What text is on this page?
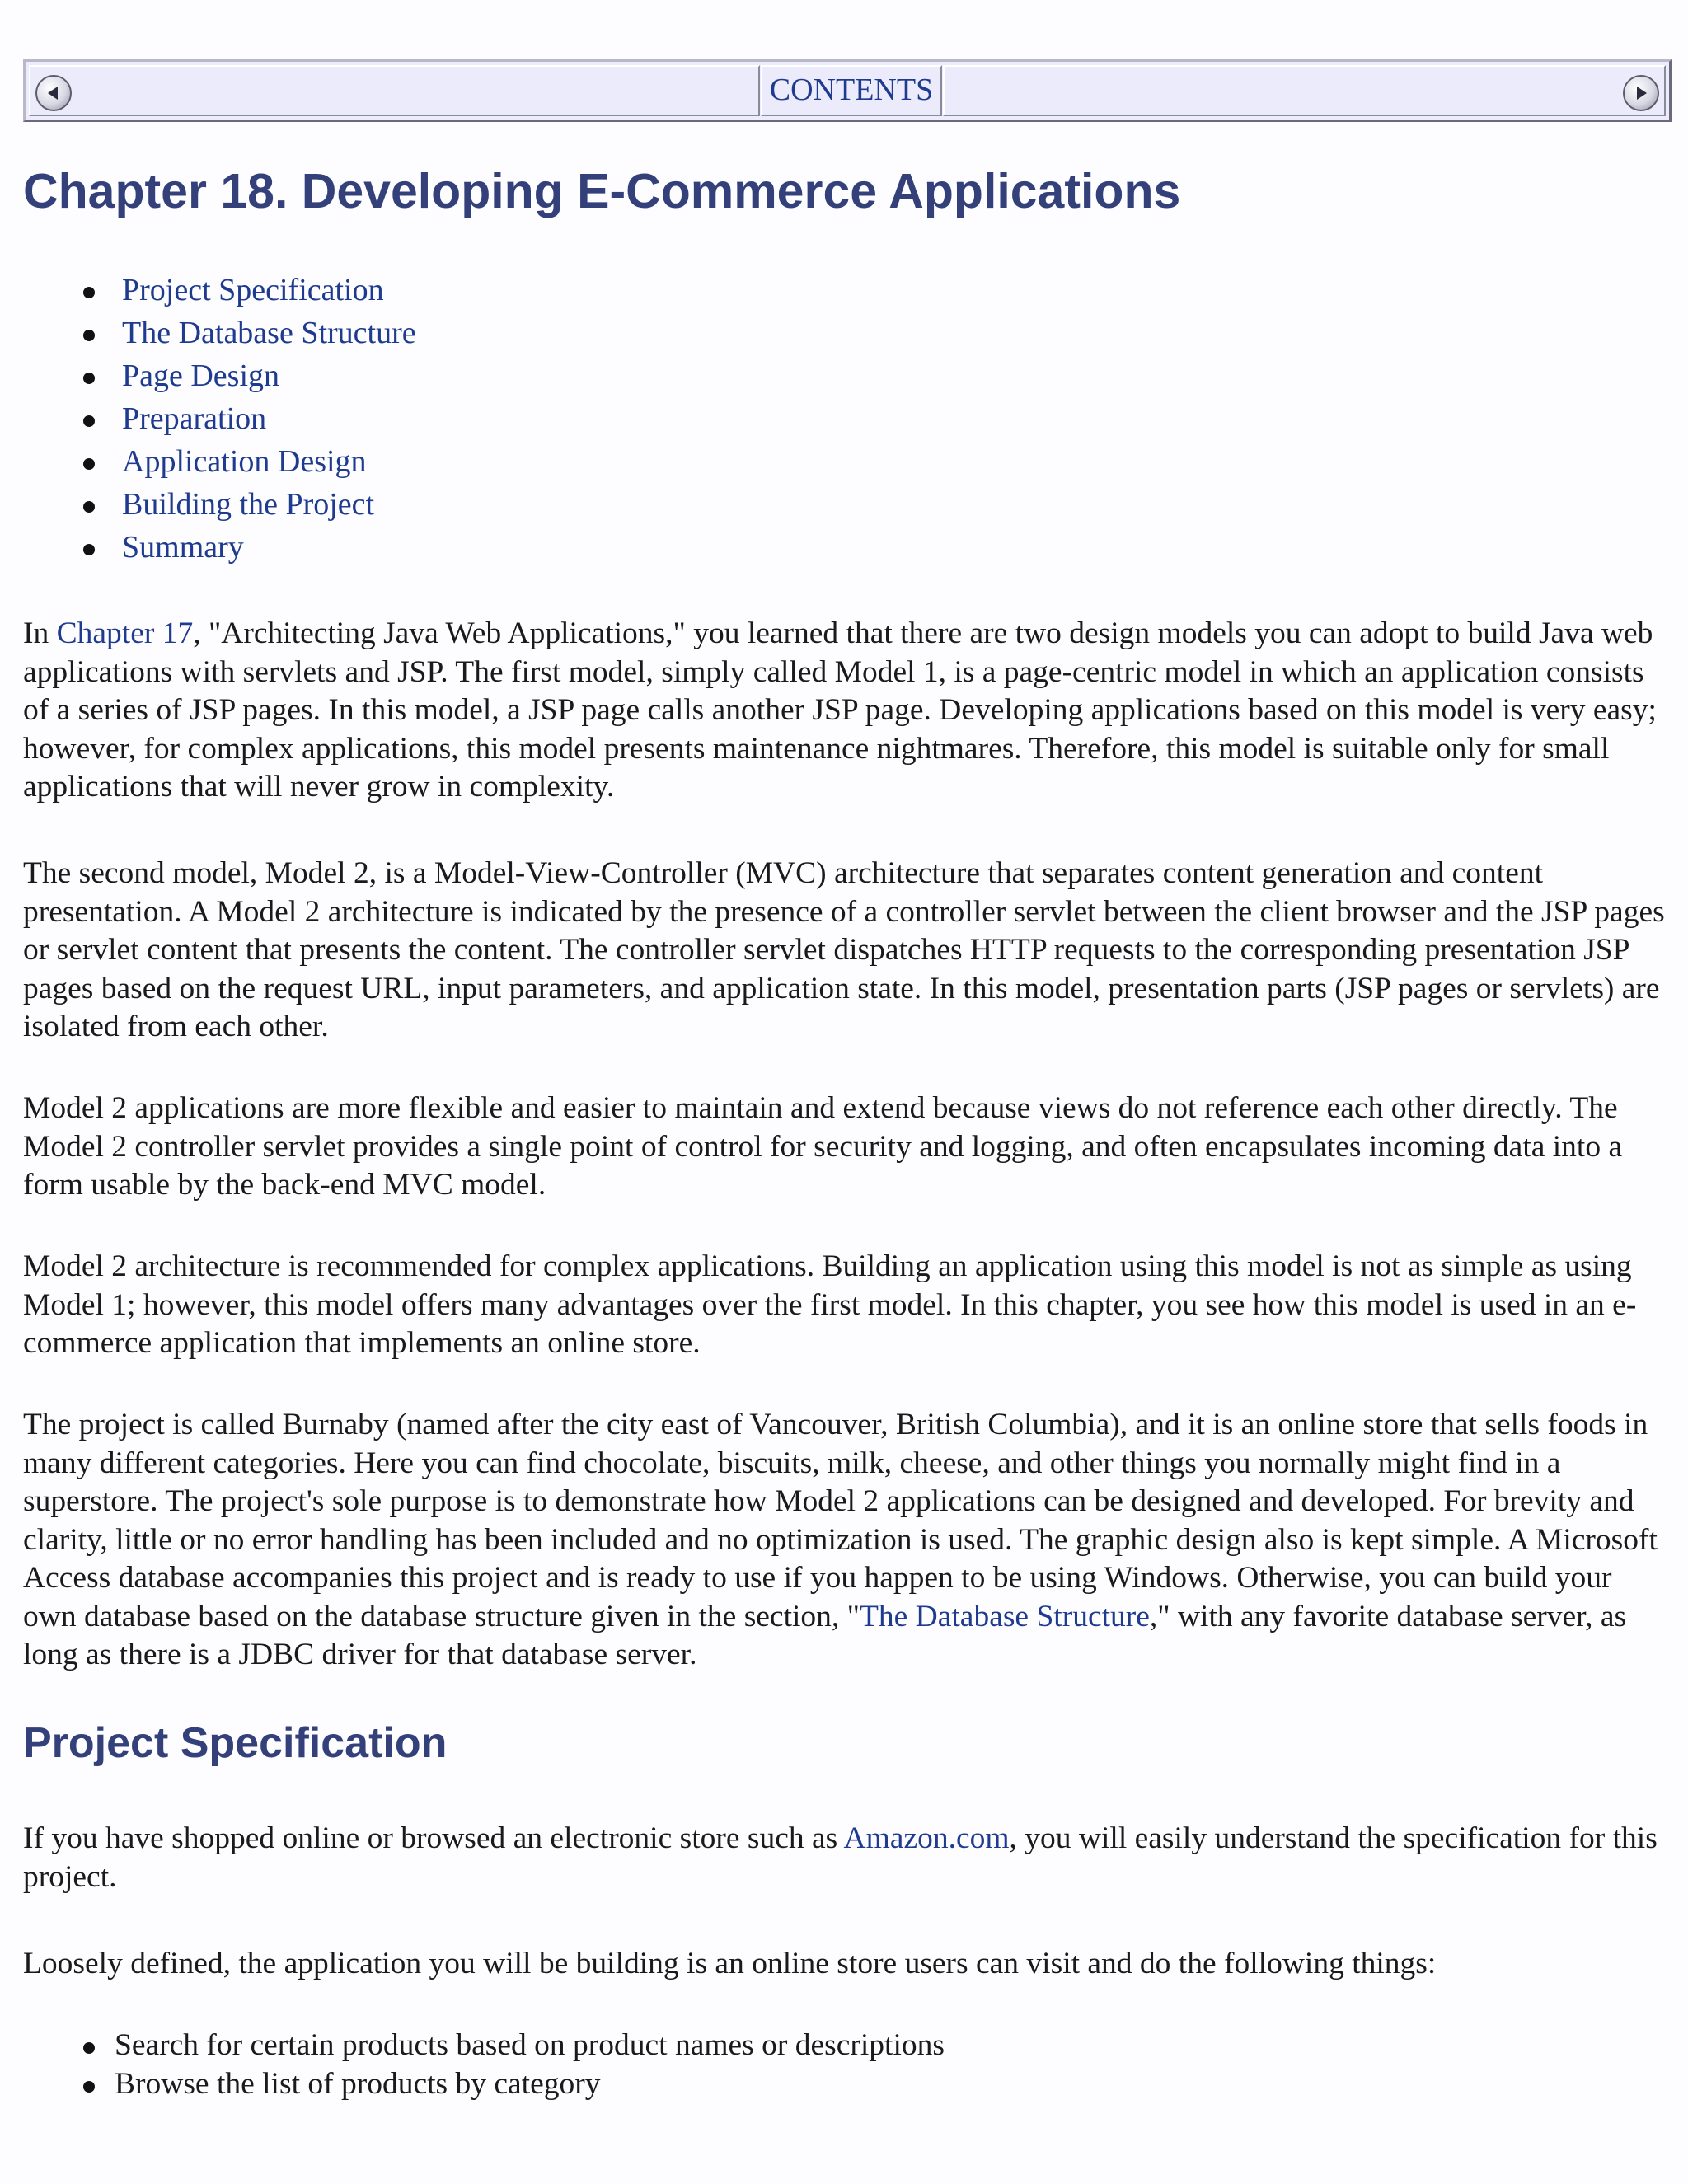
CONTENTS
Chapter 18. Developing E-Commerce Applications
Project Specification
The Database Structure
Page Design
Preparation
Application Design
Building the Project
Summary

In Chapter 17, "Architecting Java Web Applications," you learned that there are two design models you can adopt to build Java web applications with servlets and JSP. The first model, simply called Model 1, is a page-centric model in which an application consists of a series of JSP pages. In this model, a JSP page calls another JSP page. Developing applications based on this model is very easy; however, for complex applications, this model presents maintenance nightmares. Therefore, this model is suitable only for small applications that will never grow in complexity.

The second model, Model 2, is a Model-View-Controller (MVC) architecture that separates content generation and content presentation. A Model 2 architecture is indicated by the presence of a controller servlet between the client browser and the JSP pages or servlet content that presents the content. The controller servlet dispatches HTTP requests to the corresponding presentation JSP pages based on the request URL, input parameters, and application state. In this model, presentation parts (JSP pages or servlets) are isolated from each other.

Model 2 applications are more flexible and easier to maintain and extend because views do not reference each other directly. The Model 2 controller servlet provides a single point of control for security and logging, and often encapsulates incoming data into a form usable by the back-end MVC model.

Model 2 architecture is recommended for complex applications. Building an application using this model is not as simple as using Model 1; however, this model offers many advantages over the first model. In this chapter, you see how this model is used in an e-commerce application that implements an online store.

The project is called Burnaby (named after the city east of Vancouver, British Columbia), and it is an online store that sells foods in many different categories. Here you can find chocolate, biscuits, milk, cheese, and other things you normally might find in a superstore. The project's sole purpose is to demonstrate how Model 2 applications can be designed and developed. For brevity and clarity, little or no error handling has been included and no optimization is used. The graphic design also is kept simple. A Microsoft Access database accompanies this project and is ready to use if you happen to be using Windows. Otherwise, you can build your own database based on the database structure given in the section, "The Database Structure," with any favorite database server, as long as there is a JDBC driver for that database server.

Project Specification

If you have shopped online or browsed an electronic store such as Amazon.com, you will easily understand the specification for this project.

Loosely defined, the application you will be building is an online store users can visit and do the following things:

Search for certain products based on product names or descriptions
Browse the list of products by category
